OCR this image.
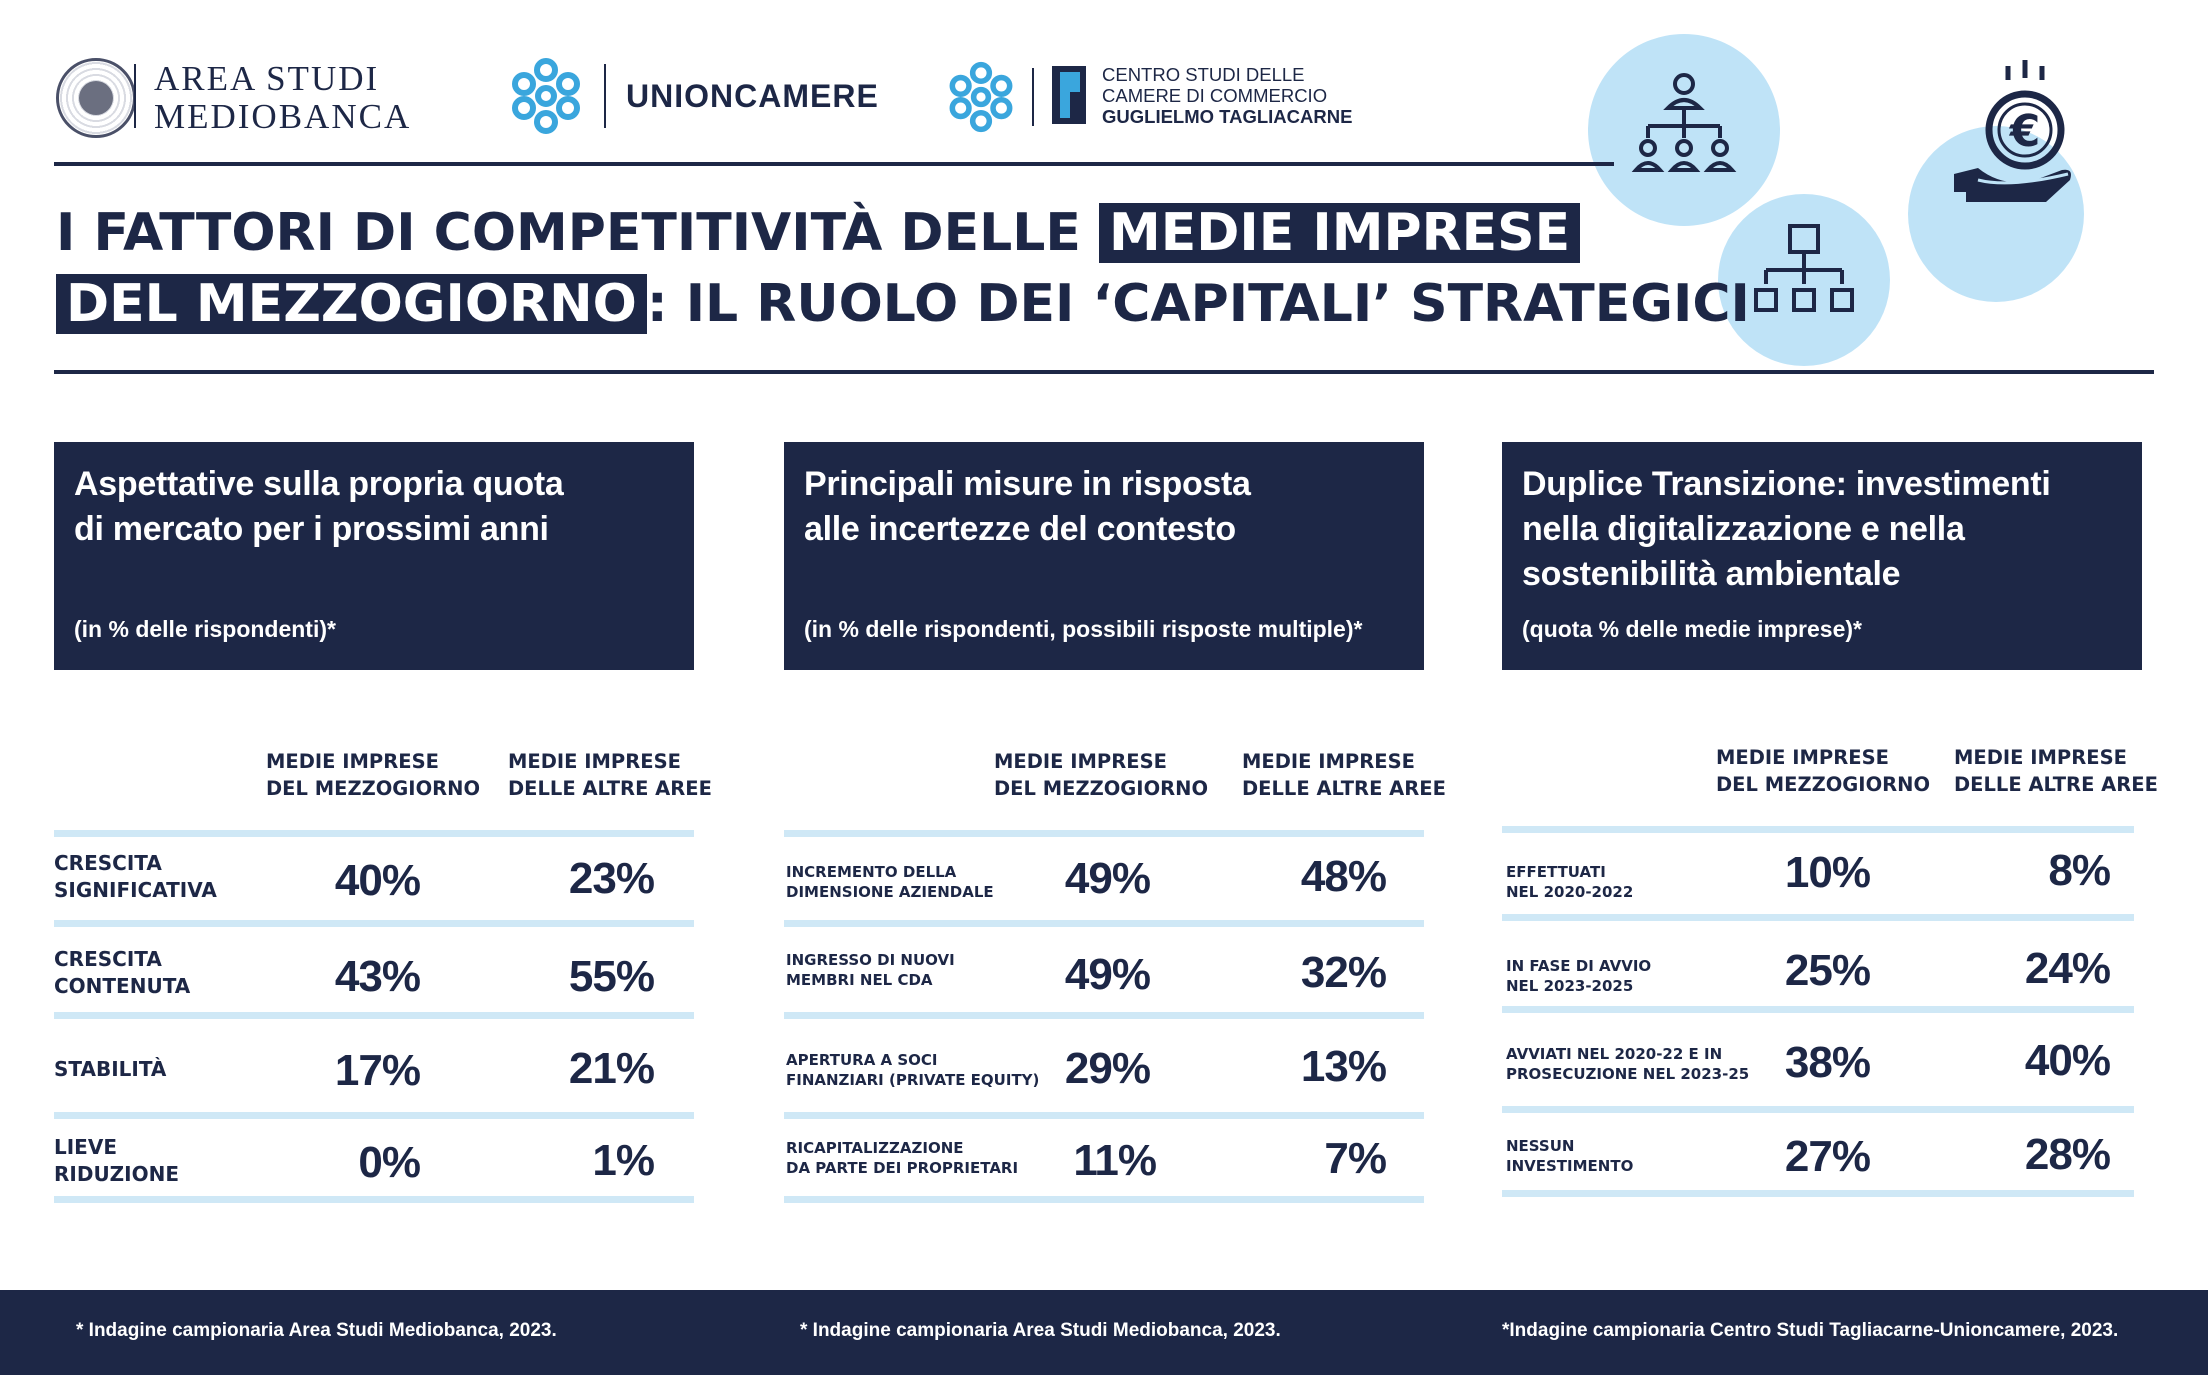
AREA STUDI
MEDIOBANCA
UNIONCAMERE
CENTRO STUDI DELLE
CAMERE DI COMMERCIO
GUGLIELMO TAGLIACARNE	€
I FATTORI DI COMPETITIVITÀ DELLE MEDIE IMPRESE
DEL MEZZOGIORNO : IL RUOLO DEI ‘CAPITALI’ STRATEGICI
Aspettative sulla propria quota
di mercato per i prossimi anni
(in % delle rispondenti)*
MEDIE IMPRESE
DEL MEZZOGIORNO
MEDIE IMPRESE
DELLE ALTRE AREE
CRESCITA
SIGNIFICATIVA	40%	23%
CRESCITA
CONTENUTA	43%	55%
STABILITÀ	17%	21%
LIEVE
RIDUZIONE	0%	1%
Principali misure in risposta
alle incertezze del contesto
(in % delle rispondenti, possibili risposte multiple)*
MEDIE IMPRESE
DEL MEZZOGIORNO
MEDIE IMPRESE
DELLE ALTRE AREE
INCREMENTO DELLA
DIMENSIONE AZIENDALE	49%	48%
INGRESSO DI NUOVI
MEMBRI NEL CDA	49%	32%
APERTURA A SOCI
FINANZIARI (PRIVATE EQUITY) 29%	13%
RICAPITALIZZAZIONE
DA PARTE DEI PROPRIETARI	11%	7%
Duplice Transizione: investimenti
nella digitalizzazione e nella
sostenibilità ambientale
(quota % delle medie imprese)*
MEDIE IMPRESE
DEL MEZZOGIORNO
MEDIE IMPRESE
DELLE ALTRE AREE
EFFETTUATI
NEL 2020-2022	10%	8%
IN FASE DI AVVIO
NEL 2023-2025	25%	24%
AVVIATI NEL 2020-22 E IN
PROSECUZIONE NEL 2023-25 38%	40%
NESSUN
INVESTIMENTO	27%	28%
* Indagine campionaria Area Studi Mediobanca, 2023.	* Indagine campionaria Area Studi Mediobanca, 2023.	*Indagine campionaria Centro Studi Tagliacarne-Unioncamere, 2023.
